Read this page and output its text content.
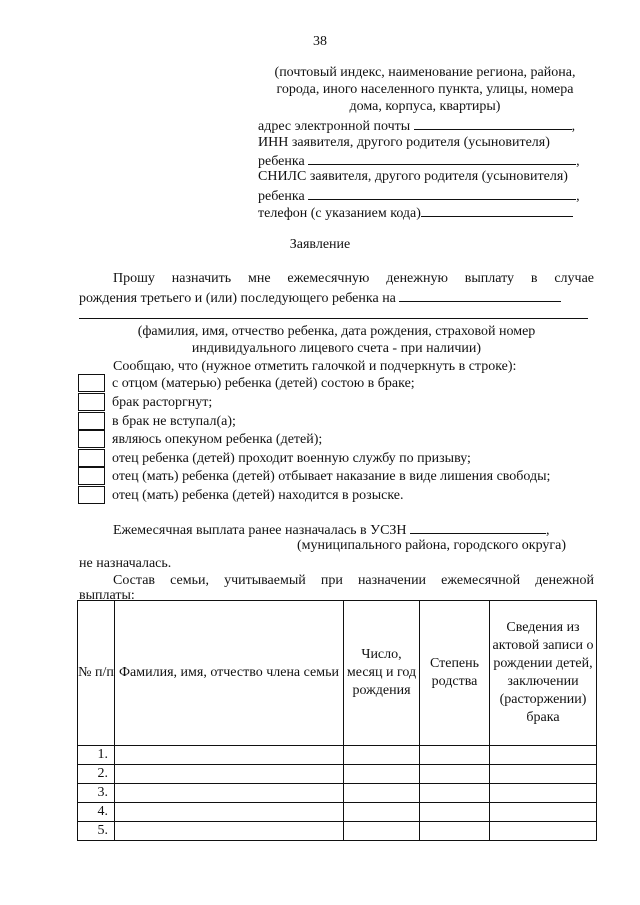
38
(почтовый индекс, наименование региона, района,
города, иного населенного пункта, улицы, номера
дома, корпуса, квартиры)
адрес электронной почты	,
ИНН заявителя, другого родителя (усыновителя)
ребенка	,
СНИЛС заявителя, другого родителя (усыновителя)
ребенка	,
телефон (с указанием кода)
Заявление
Прошу назначить мне ежемесячную денежную выплату в случае
рождения третьего и (или) последующего ребенка на
(фамилия, имя, отчество ребенка, дата рождения, страховой номер
индивидуального лицевого счета - при наличии)
Сообщаю, что (нужное отметить галочкой и подчеркнуть в строке):
с отцом (матерью) ребенка (детей) состою в браке;
брак расторгнут;
в брак не вступал(а);
являюсь опекуном ребенка (детей);
отец ребенка (детей) проходит военную службу по призыву;
отец (мать) ребенка (детей) отбывает наказание в виде лишения свободы;
отец (мать) ребенка (детей) находится в розыске.
Ежемесячная выплата ранее назначалась в УСЗН	,
(муниципального района, городского округа)
не назначалась.
Состав семьи, учитываемый при назначении ежемесячной денежной
выплаты:
№ п/п	Фамилия, имя, отчество члена семьи	Число, месяц и год рождения	Степень родства	Сведения из актовой записи о рождении детей, заключении (расторжении) брака
1.				
2.				
3.				
4.				
5.				
